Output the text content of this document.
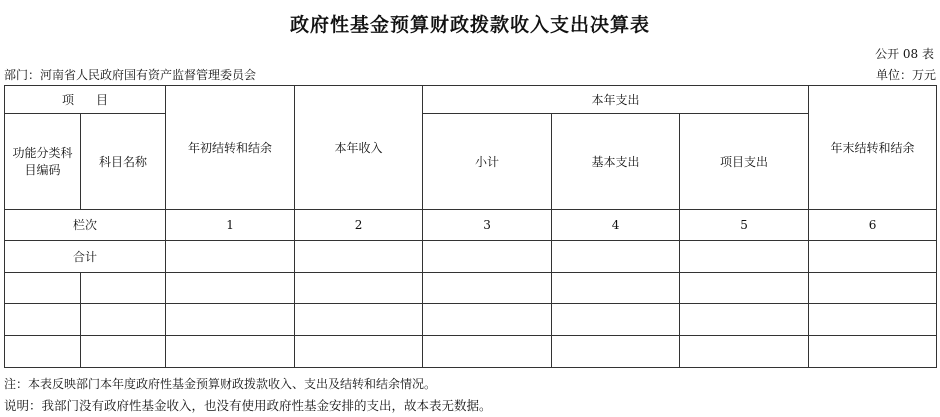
政府性基金预算财政拨款收入支出决算表
公开 08 表
部门：河南省人民政府国有资产监督管理委员会	单位：万元
项目		年初结转和结余	本年收入	本年支出			年末结转和结余
功能分类科目编码	科目名称			小计	基本支出	项目支出	

栏次		1	2	3	4	5	6
合计							

注：本表反映部门本年度政府性基金预算财政拨款收入、支出及结转和结余情况。
说明：我部门没有政府性基金收入，也没有使用政府性基金安排的支出，故本表无数据。
